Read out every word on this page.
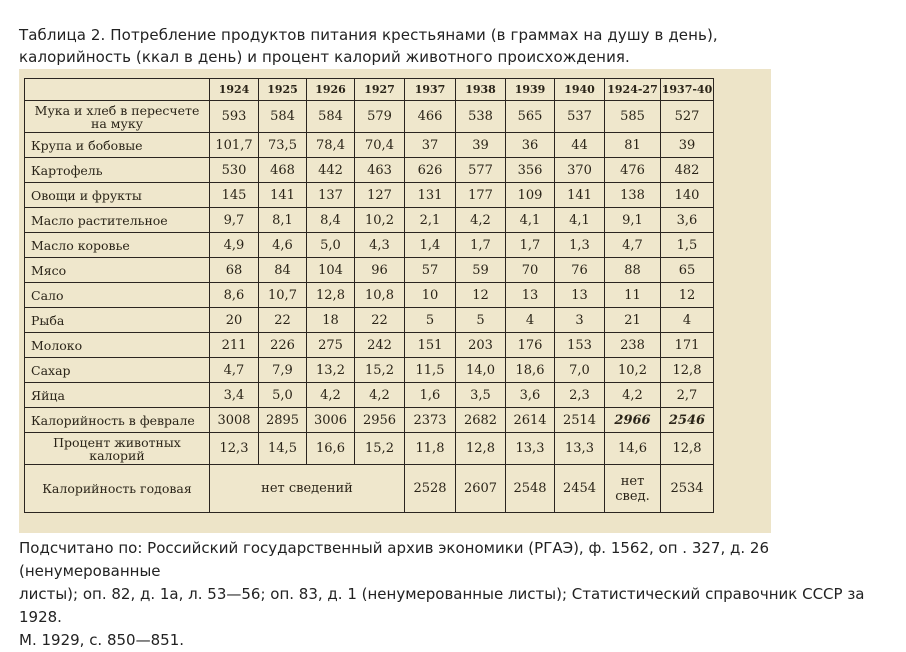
Таблица 2. Потребление продуктов питания крестьянами (в граммах на душу в день),
калорийность (ккал в день) и процент калорий животного происхождения.
	1924	1925	1926	1927	1937	1938	1939	1940	1924-27	1937-40
Мука и хлеб в пересчете на муку	593	584	584	579	466	538	565	537	585	527
Крупа и бобовые	101,7	73,5	78,4	70,4	37	39	36	44	81	39
Картофель	530	468	442	463	626	577	356	370	476	482
Овощи и фрукты	145	141	137	127	131	177	109	141	138	140
Масло растительное	9,7	8,1	8,4	10,2	2,1	4,2	4,1	4,1	9,1	3,6
Масло коровье	4,9	4,6	5,0	4,3	1,4	1,7	1,7	1,3	4,7	1,5
Мясо	68	84	104	96	57	59	70	76	88	65
Сало	8,6	10,7	12,8	10,8	10	12	13	13	11	12
Рыба	20	22	18	22	5	5	4	3	21	4
Молоко	211	226	275	242	151	203	176	153	238	171
Сахар	4,7	7,9	13,2	15,2	11,5	14,0	18,6	7,0	10,2	12,8
Яйца	3,4	5,0	4,2	4,2	1,6	3,5	3,6	2,3	4,2	2,7
Калорийность в феврале	3008	2895	3006	2956	2373	2682	2614	2514	2966	2546
Процент животных калорий	12,3	14,5	16,6	15,2	11,8	12,8	13,3	13,3	14,6	12,8
Калорийность годовая	нет сведений				2528	2607	2548	2454	нет свед.	2534
Подсчитано по: Российский государственный архив экономики (РГАЭ), ф. 1562, оп . 327, д. 26 (ненумерованные
листы); оп. 82, д. 1а, л. 53—56; оп. 83, д. 1 (ненумерованные листы); Статистический справочник СССР за 1928.
М. 1929, с. 850—851.
